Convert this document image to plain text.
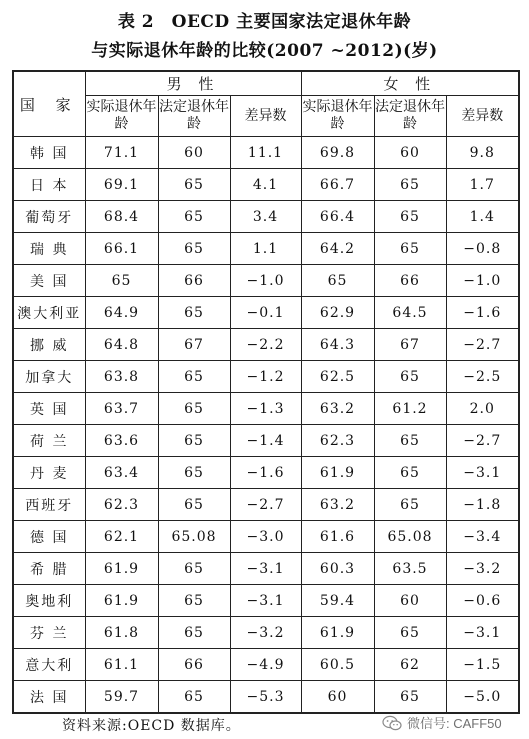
表 2　OECD 主要国家法定退休年龄
与实际退休年龄的比较(2007 ~2012)(岁)
国 家	男 性			女 性		
	实际退休年龄	法定退休年龄	差异数	实际退休年龄	法定退休年龄	差异数
韩 国	71.1	60	11.1	69.8	60	9.8
日 本	69.1	65	4.1	66.7	65	1.7
葡萄牙	68.4	65	3.4	66.4	65	1.4
瑞 典	66.1	65	1.1	64.2	65	−0.8
美 国	65	66	−1.0	65	66	−1.0
澳大利亚	64.9	65	−0.1	62.9	64.5	−1.6
挪 威	64.8	67	−2.2	64.3	67	−2.7
加拿大	63.8	65	−1.2	62.5	65	−2.5
英 国	63.7	65	−1.3	63.2	61.2	2.0
荷 兰	63.6	65	−1.4	62.3	65	−2.7
丹 麦	63.4	65	−1.6	61.9	65	−3.1
西班牙	62.3	65	−2.7	63.2	65	−1.8
德 国	62.1	65.08	−3.0	61.6	65.08	−3.4
希 腊	61.9	65	−3.1	60.3	63.5	−3.2
奥地利	61.9	65	−3.1	59.4	60	−0.6
芬 兰	61.8	65	−3.2	61.9	65	−3.1
意大利	61.1	66	−4.9	60.5	62	−1.5
法 国	59.7	65	−5.3	60	65	−5.0
资料来源:OECD 数据库。	微信号: CAFF50
